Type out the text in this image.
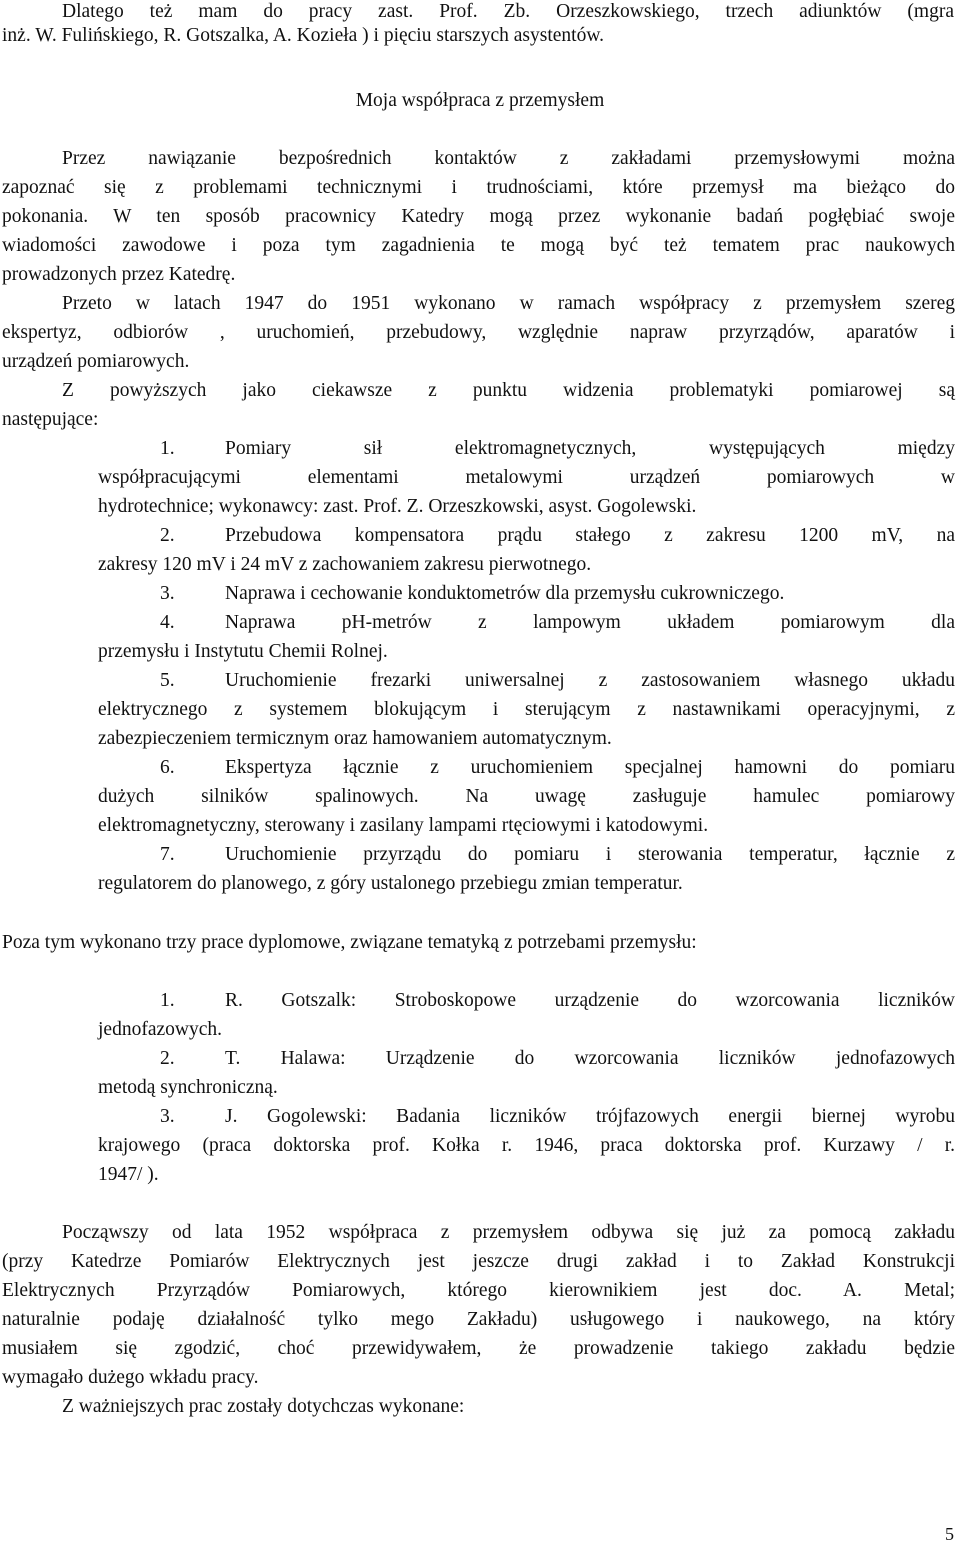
Dlatego też mam do pracy zast. Prof. Zb. Orzeszkowskiego, trzech adiunktów (mgra
inż. W. Fulińskiego, R. Gotszalka, A. Kozieła ) i pięciu starszych asystentów.
Moja współpraca z przemysłem
Przez nawiązanie bezpośrednich kontaktów z zakładami przemysłowymi można
zapoznać się z problemami technicznymi i trudnościami, które przemysł ma bieżąco do
pokonania. W ten sposób pracownicy Katedry mogą przez wykonanie badań pogłębiać swoje
wiadomości zawodowe i poza tym zagadnienia te mogą być też tematem prac naukowych
prowadzonych przez Katedrę.
Przeto w latach 1947 do 1951 wykonano w ramach współpracy z przemysłem szereg
ekspertyz, odbiorów , uruchomień, przebudowy, względnie napraw przyrządów, aparatów i
urządzeń pomiarowych.
Z powyższych jako ciekawsze z punktu widzenia problematyki pomiarowej są
następujące:
1.	Pomiary sił elektromagnetycznych, występujących między
współpracującymi elementami metalowymi urządzeń pomiarowych w
hydrotechnice; wykonawcy: zast. Prof. Z. Orzeszkowski, asyst. Gogolewski.
2.	Przebudowa kompensatora prądu stałego z zakresu 1200 mV, na
zakresy 120 mV i 24 mV z zachowaniem zakresu pierwotnego.
3.	Naprawa i cechowanie konduktometrów dla przemysłu cukrowniczego.
4.	Naprawa pH-metrów z lampowym układem pomiarowym dla
przemysłu i Instytutu Chemii Rolnej.
5.	Uruchomienie frezarki uniwersalnej z zastosowaniem własnego układu
elektrycznego z systemem blokującym i sterującym z nastawnikami operacyjnymi, z
zabezpieczeniem termicznym oraz hamowaniem automatycznym.
6.	Ekspertyza łącznie z uruchomieniem specjalnej hamowni do pomiaru
dużych silników spalinowych. Na uwagę zasługuje hamulec pomiarowy
elektromagnetyczny, sterowany i zasilany lampami rtęciowymi i katodowymi.
7.	Uruchomienie przyrządu do pomiaru i sterowania temperatur, łącznie z
regulatorem do planowego, z góry ustalonego przebiegu zmian temperatur.
Poza tym wykonano trzy prace dyplomowe, związane tematyką z potrzebami przemysłu:
1.	R. Gotszalk: Stroboskopowe urządzenie do wzorcowania liczników
jednofazowych.
2.	T. Halawa: Urządzenie do wzorcowania liczników jednofazowych
metodą synchroniczną.
3.	J. Gogolewski: Badania liczników trójfazowych energii biernej wyrobu
krajowego (praca doktorska prof. Kołka r. 1946, praca doktorska prof. Kurzawy / r.
1947/ ).
Począwszy od lata 1952 współpraca z przemysłem odbywa się już za pomocą zakładu
(przy Katedrze Pomiarów Elektrycznych jest jeszcze drugi zakład i to Zakład Konstrukcji
Elektrycznych Przyrządów Pomiarowych, którego kierownikiem jest doc. A. Metal;
naturalnie podaję działalność tylko mego Zakładu) usługowego i naukowego, na który
musiałem się zgodzić, choć przewidywałem, że prowadzenie takiego zakładu będzie
wymagało dużego wkładu pracy.
Z ważniejszych prac zostały dotychczas wykonane:
5
